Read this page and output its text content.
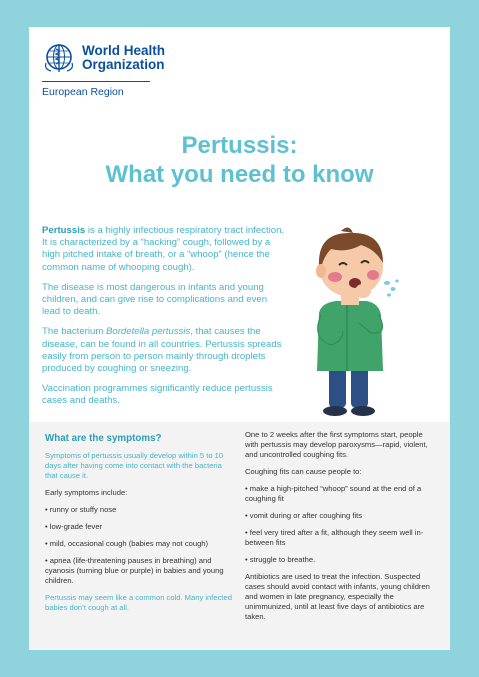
World Health
Organization
European Region
Pertussis:
What you need to know

Pertussis is a highly infectious respiratory tract infection. It is characterized by a “hacking” cough, followed by a high pitched intake of breath, or a “whoop” (hence the common name of whooping cough).

The disease is most dangerous in infants and young children, and can give rise to complications and even lead to death.

The bacterium Bordetella pertussis, that causes the disease, can be found in all countries. Pertussis spreads easily from person to person mainly through droplets produced by coughing or sneezing.

Vaccination programmes significantly reduce pertussis cases and deaths.

What are the symptoms?

Symptoms of pertussis usually develop within 5 to 10 days after having come into contact with the bacteria that cause it.

Early symptoms include:

• runny or stuffy nose
• low-grade fever
• mild, occasional cough (babies may not cough)
• apnea (life-threatening pauses in breathing) and cyanosis (turning blue or purple) in babies and young children.

Pertussis may seem like a common cold. Many infected babies don’t cough at all.

One to 2 weeks after the first symptoms start, people with pertussis may develop paroxysms—rapid, violent, and uncontrolled coughing fits.

Coughing fits can cause people to:

• make a high-pitched “whoop” sound at the end of a coughing fit
• vomit during or after coughing fits
• feel very tired after a fit, although they seem well in-between fits
• struggle to breathe.

Antibiotics are used to treat the infection. Suspected cases should avoid contact with infants, young children and women in late pregnancy, especially the unimmunized, until at least five days of antibiotics are taken.
